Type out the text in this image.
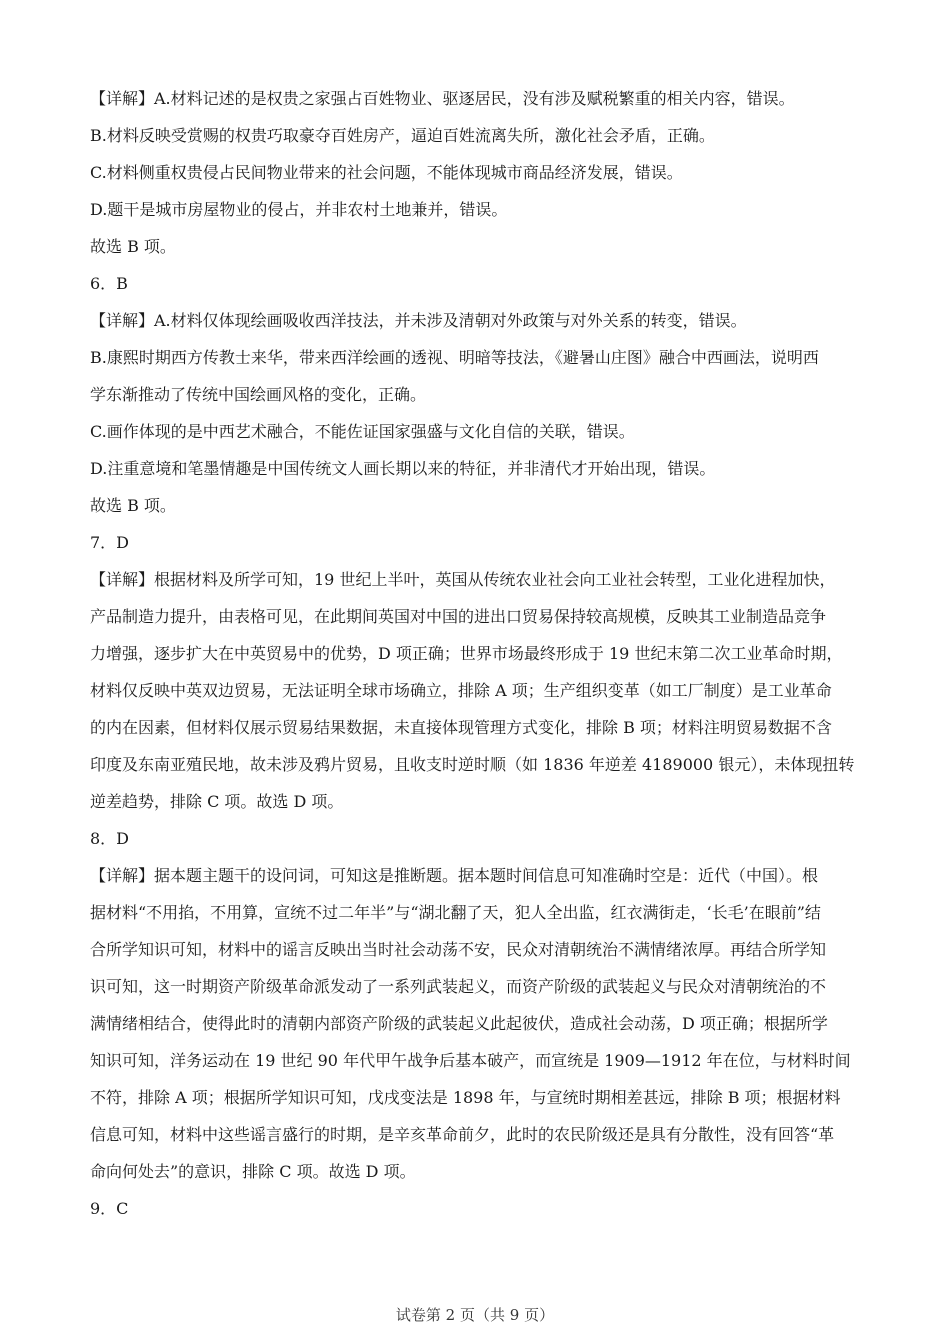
【详解】A.材料记述的是权贵之家强占百姓物业、驱逐居民，没有涉及赋税繁重的相关内容，错误。
B.材料反映受赏赐的权贵巧取豪夺百姓房产，逼迫百姓流离失所，激化社会矛盾，正确。
C.材料侧重权贵侵占民间物业带来的社会问题，不能体现城市商品经济发展，错误。
D.题干是城市房屋物业的侵占，并非农村土地兼并，错误。
故选 B 项。
6．B
【详解】A.材料仅体现绘画吸收西洋技法，并未涉及清朝对外政策与对外关系的转变，错误。
B.康熙时期西方传教士来华，带来西洋绘画的透视、明暗等技法，《避暑山庄图》融合中西画法，说明西
学东渐推动了传统中国绘画风格的变化，正确。
C.画作体现的是中西艺术融合，不能佐证国家强盛与文化自信的关联，错误。
D.注重意境和笔墨情趣是中国传统文人画长期以来的特征，并非清代才开始出现，错误。
故选 B 项。
7．D
【详解】根据材料及所学可知，19 世纪上半叶，英国从传统农业社会向工业社会转型，工业化进程加快，
产品制造力提升，由表格可见，在此期间英国对中国的进出口贸易保持较高规模，反映其工业制造品竞争
力增强，逐步扩大在中英贸易中的优势，D 项正确；世界市场最终形成于 19 世纪末第二次工业革命时期，
材料仅反映中英双边贸易，无法证明全球市场确立，排除 A 项；生产组织变革（如工厂制度）是工业革命
的内在因素，但材料仅展示贸易结果数据，未直接体现管理方式变化，排除 B 项；材料注明贸易数据不含
印度及东南亚殖民地，故未涉及鸦片贸易，且收支时逆时顺（如 1836 年逆差 4189000 银元），未体现扭转
逆差趋势，排除 C 项。故选 D 项。
8．D
【详解】据本题主题干的设问词，可知这是推断题。据本题时间信息可知准确时空是：近代（中国）。根
据材料“不用掐，不用算，宣统不过二年半”与“湖北翻了天，犯人全出监，红衣满街走，‘长毛’在眼前”结
合所学知识可知，材料中的谣言反映出当时社会动荡不安，民众对清朝统治不满情绪浓厚。再结合所学知
识可知，这一时期资产阶级革命派发动了一系列武装起义，而资产阶级的武装起义与民众对清朝统治的不
满情绪相结合，使得此时的清朝内部资产阶级的武装起义此起彼伏，造成社会动荡，D 项正确；根据所学
知识可知，洋务运动在 19 世纪 90 年代甲午战争后基本破产，而宣统是 1909—1912 年在位，与材料时间
不符，排除 A 项；根据所学知识可知，戊戌变法是 1898 年，与宣统时期相差甚远，排除 B 项；根据材料
信息可知，材料中这些谣言盛行的时期，是辛亥革命前夕，此时的农民阶级还是具有分散性，没有回答“革
命向何处去”的意识，排除 C 项。故选 D 项。
9．C
试卷第 2 页（共 9 页）
